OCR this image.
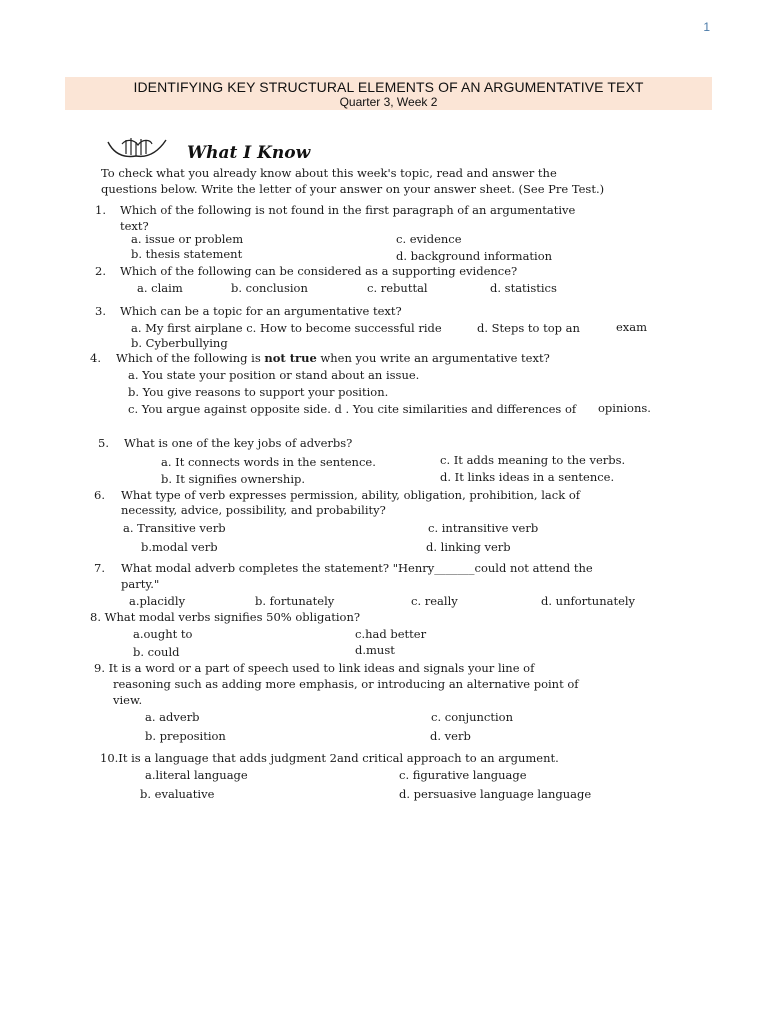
1
IDENTIFYING KEY STRUCTURAL ELEMENTS OF AN ARGUMENTATIVE TEXT
Quarter 3, Week 2
What I Know
To check what you already know about this week's topic, read and answer the
questions below. Write the letter of your answer on your answer sheet. (See Pre Test.)
1. Which of the following is not found in the first paragraph of an argumentative
text?
a. issue or problem
b. thesis statement
c. evidence
d. background information
2. Which of the following can be considered as a supporting evidence?
a. claim	b. conclusion	c. rebuttal	d. statistics
3. Which can be a topic for an argumentative text?
a. My first airplane c. How to become successful ride	d. Steps to top an	exam
b. Cyberbullying
4. Which of the following is not true when you write an argumentative text?
a. You state your position or stand about an issue.
b. You give reasons to support your position.
c. You argue against opposite side. d . You cite similarities and differences of opinions.
5. What is one of the key jobs of adverbs?
a. It connects words in the sentence.
b. It signifies ownership.
c. It adds meaning to the verbs.
d. It links ideas in a sentence.
6. What type of verb expresses permission, ability, obligation, prohibition, lack of
necessity, advice, possibility, and probability?
a. Transitive verb
b.modal verb
c. intransitive verb
d. linking verb
7. What modal adverb completes the statement? "Henry_______could not attend the
party."
a.placidly	b. fortunately	c. really	d. unfortunately
8. What modal verbs signifies 50% obligation?
a.ought to
b. could
c.had better
d.must
9. It is a word or a part of speech used to link ideas and signals your line of
reasoning such as adding more emphasis, or introducing an alternative point of
view.
a. adverb
b. preposition
c. conjunction
d. verb
10.It is a language that adds judgment 2and critical approach to an argument.
a.literal language
b. evaluative
c. figurative language
d. persuasive language language
